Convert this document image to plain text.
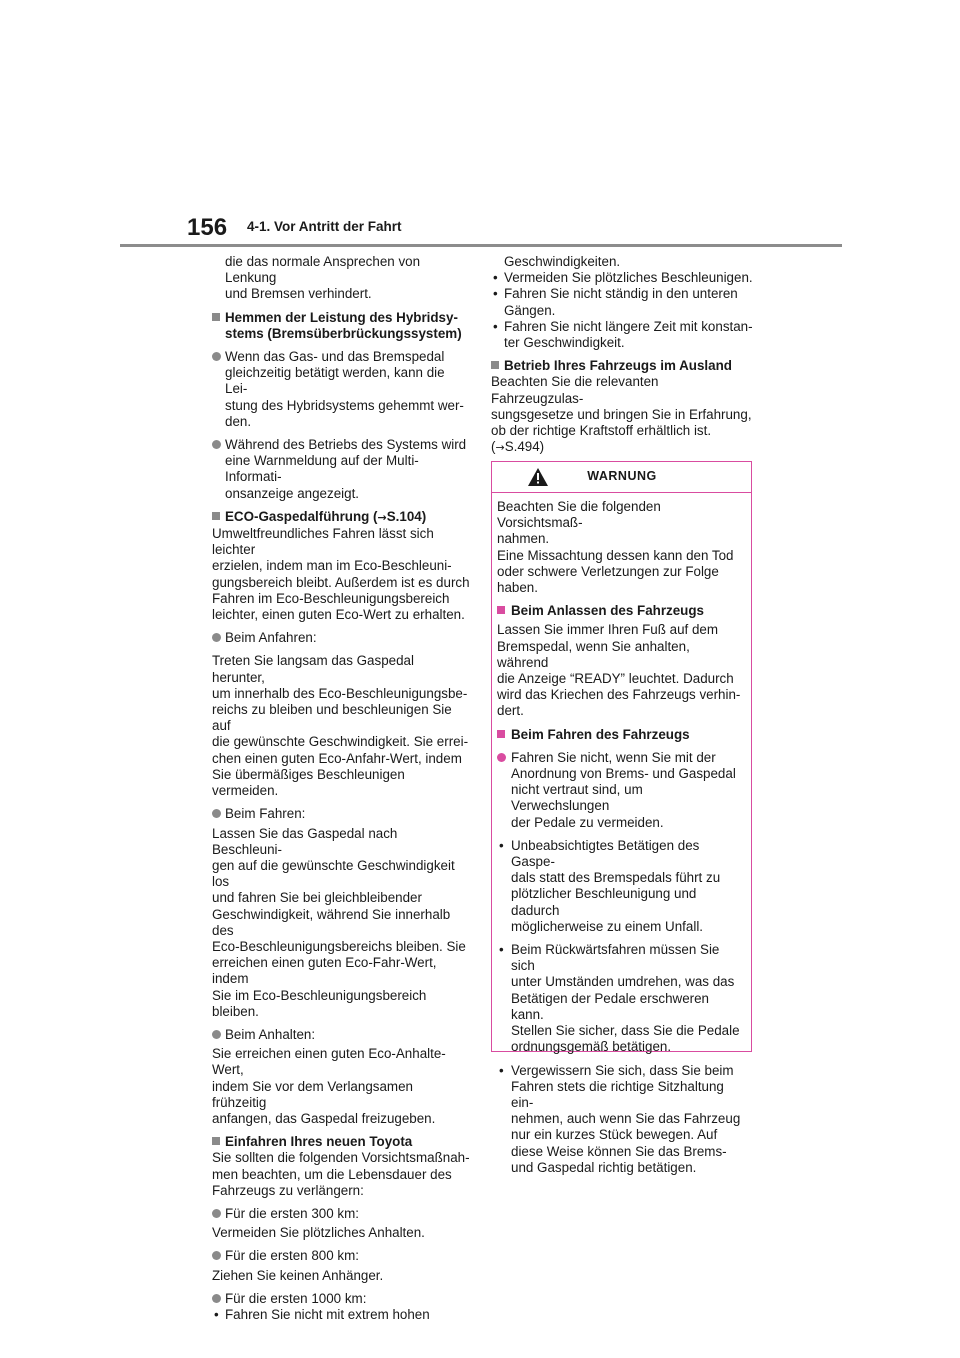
156 4-1. Vor Antritt der Fahrt

die das normale Ansprechen von Lenkung

und Bremsen verhindert.

Hemmen der Leistung des Hybridsy-

stems (Bremsüberbrückungssystem)

Wenn das Gas- und das Bremspedal

gleichzeitig betätigt werden, kann die Lei-

stung des Hybridsystems gehemmt wer-

den.

Während des Betriebs des Systems wird

eine Warnmeldung auf der Multi-Informati-

onsanzeige angezeigt.

ECO-Gaspedalführung (→S.104)

Umweltfreundliches Fahren lässt sich leichter

erzielen, indem man im Eco-Beschleuni-

gungsbereich bleibt. Außerdem ist es durch

Fahren im Eco-Beschleunigungsbereich

leichter, einen guten Eco-Wert zu erhalten.

Beim Anfahren:

Treten Sie langsam das Gaspedal herunter,

um innerhalb des Eco-Beschleunigungsbe-

reichs zu bleiben und beschleunigen Sie auf

die gewünschte Geschwindigkeit. Sie errei-

chen einen guten Eco-Anfahr-Wert, indem

Sie übermäßiges Beschleunigen vermeiden.

Beim Fahren:

Lassen Sie das Gaspedal nach Beschleuni-

gen auf die gewünschte Geschwindigkeit los

und fahren Sie bei gleichbleibender

Geschwindigkeit, während Sie innerhalb des

Eco-Beschleunigungsbereichs bleiben. Sie

erreichen einen guten Eco-Fahr-Wert, indem

Sie im Eco-Beschleunigungsbereich bleiben.

Beim Anhalten:

Sie erreichen einen guten Eco-Anhalte-Wert,

indem Sie vor dem Verlangsamen frühzeitig

anfangen, das Gaspedal freizugeben.

Einfahren Ihres neuen Toyota

Sie sollten die folgenden Vorsichtsmaßnah-

men beachten, um die Lebensdauer des

Fahrzeugs zu verlängern:

Für die ersten 300 km:

Vermeiden Sie plötzliches Anhalten.

Für die ersten 800 km:

Ziehen Sie keinen Anhänger.

Für die ersten 1000 km:

• Fahren Sie nicht mit extrem hohen

Geschwindigkeiten.

• Vermeiden Sie plötzliches Beschleunigen.

• Fahren Sie nicht ständig in den unteren

Gängen.

• Fahren Sie nicht längere Zeit mit konstan-

ter Geschwindigkeit.

Betrieb Ihres Fahrzeugs im Ausland

Beachten Sie die relevanten Fahrzeugzulas-

sungsgesetze und bringen Sie in Erfahrung,

ob der richtige Kraftstoff erhältlich ist.

(→S.494)

WARNUNG

Beachten Sie die folgenden Vorsichtsmaß-

nahmen.

Eine Missachtung dessen kann den Tod

oder schwere Verletzungen zur Folge

haben.

Beim Anlassen des Fahrzeugs

Lassen Sie immer Ihren Fuß auf dem

Bremspedal, wenn Sie anhalten, während

die Anzeige “READY” leuchtet. Dadurch

wird das Kriechen des Fahrzeugs verhin-

dert.

Beim Fahren des Fahrzeugs

Fahren Sie nicht, wenn Sie mit der

Anordnung von Brems- und Gaspedal

nicht vertraut sind, um Verwechslungen

der Pedale zu vermeiden.

• Unbeabsichtigtes Betätigen des Gaspe-

dals statt des Bremspedals führt zu

plötzlicher Beschleunigung und dadurch

möglicherweise zu einem Unfall.

• Beim Rückwärtsfahren müssen Sie sich

unter Umständen umdrehen, was das

Betätigen der Pedale erschweren kann.

Stellen Sie sicher, dass Sie die Pedale

ordnungsgemäß betätigen.

• Vergewissern Sie sich, dass Sie beim

Fahren stets die richtige Sitzhaltung ein-

nehmen, auch wenn Sie das Fahrzeug

nur ein kurzes Stück bewegen. Auf

diese Weise können Sie das Brems-

und Gaspedal richtig betätigen.
